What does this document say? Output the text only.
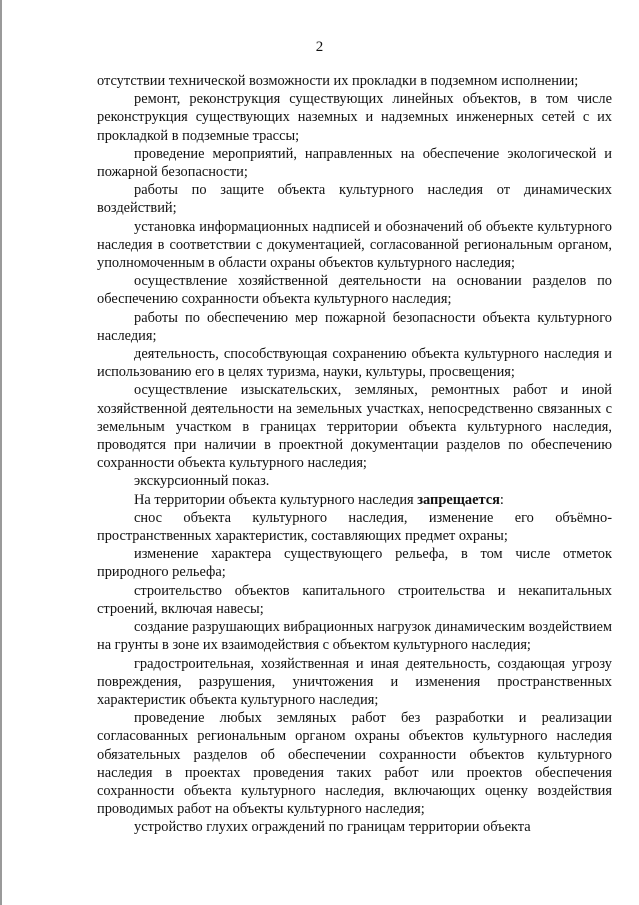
2

отсутствии технической возможности их прокладки в подземном исполнении;

ремонт, реконструкция существующих линейных объектов, в том числе реконструкция существующих наземных и надземных инженерных сетей с их прокладкой в подземные трассы;

проведение мероприятий, направленных на обеспечение экологической и пожарной безопасности;

работы по защите объекта культурного наследия от динамических воздействий;

установка информационных надписей и обозначений об объекте культурного наследия в соответствии с документацией, согласованной региональным органом, уполномоченным в области охраны объектов культурного наследия;

осуществление хозяйственной деятельности на основании разделов по обеспечению сохранности объекта культурного наследия;

работы по обеспечению мер пожарной безопасности объекта культурного наследия;

деятельность, способствующая сохранению объекта культурного наследия и использованию его в целях туризма, науки, культуры, просвещения;

осуществление изыскательских, земляных, ремонтных работ и иной хозяйственной деятельности на земельных участках, непосредственно связанных с земельным участком в границах территории объекта культурного наследия, проводятся при наличии в проектной документации разделов по обеспечению сохранности объекта культурного наследия;

экскурсионный показ.

На территории объекта культурного наследия запрещается:

снос объекта культурного наследия, изменение его объёмно-пространственных характеристик, составляющих предмет охраны;

изменение характера существующего рельефа, в том числе отметок природного рельефа;

строительство объектов капитального строительства и некапитальных строений, включая навесы;

создание разрушающих вибрационных нагрузок динамическим воздействием на грунты в зоне их взаимодействия с объектом культурного наследия;

градостроительная, хозяйственная и иная деятельность, создающая угрозу повреждения, разрушения, уничтожения и изменения пространственных характеристик объекта культурного наследия;

проведение любых земляных работ без разработки и реализации согласованных региональным органом охраны объектов культурного наследия обязательных разделов об обеспечении сохранности объектов культурного наследия в проектах проведения таких работ или проектов обеспечения сохранности объекта культурного наследия, включающих оценку воздействия проводимых работ на объекты культурного наследия;

устройство глухих ограждений по границам территории объекта
